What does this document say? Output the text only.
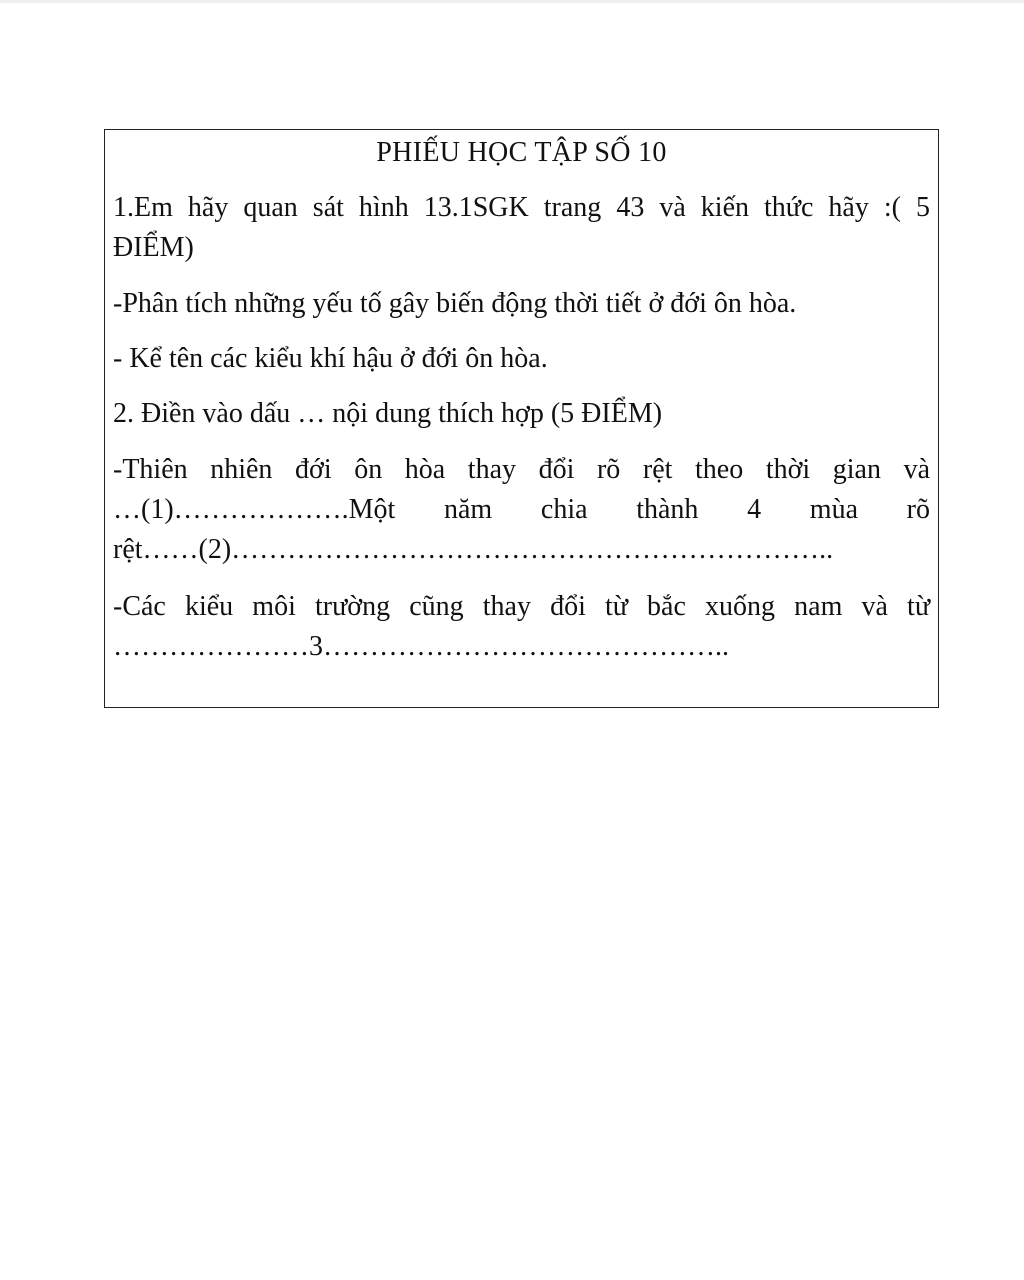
PHIẾU HỌC TẬP SỐ 10
1.Em hãy quan sát hình 13.1SGK trang 43 và kiến thức hãy :( 5
ĐIỂM)
-Phân tích những yếu tố gây biến động thời tiết ở đới ôn hòa.
- Kể tên các kiểu khí hậu ở đới ôn hòa.
2. Điền vào dấu … nội dung thích hợp (5 ĐIỂM)
-Thiên nhiên đới ôn hòa thay đổi rõ rệt theo thời gian và
…(1)……………….Một năm chia thành 4 mùa rõ
rệt……(2)………………………………………………………..
-Các kiểu môi trường cũng thay đổi từ bắc xuống nam và từ
…………………3……………………………………..
